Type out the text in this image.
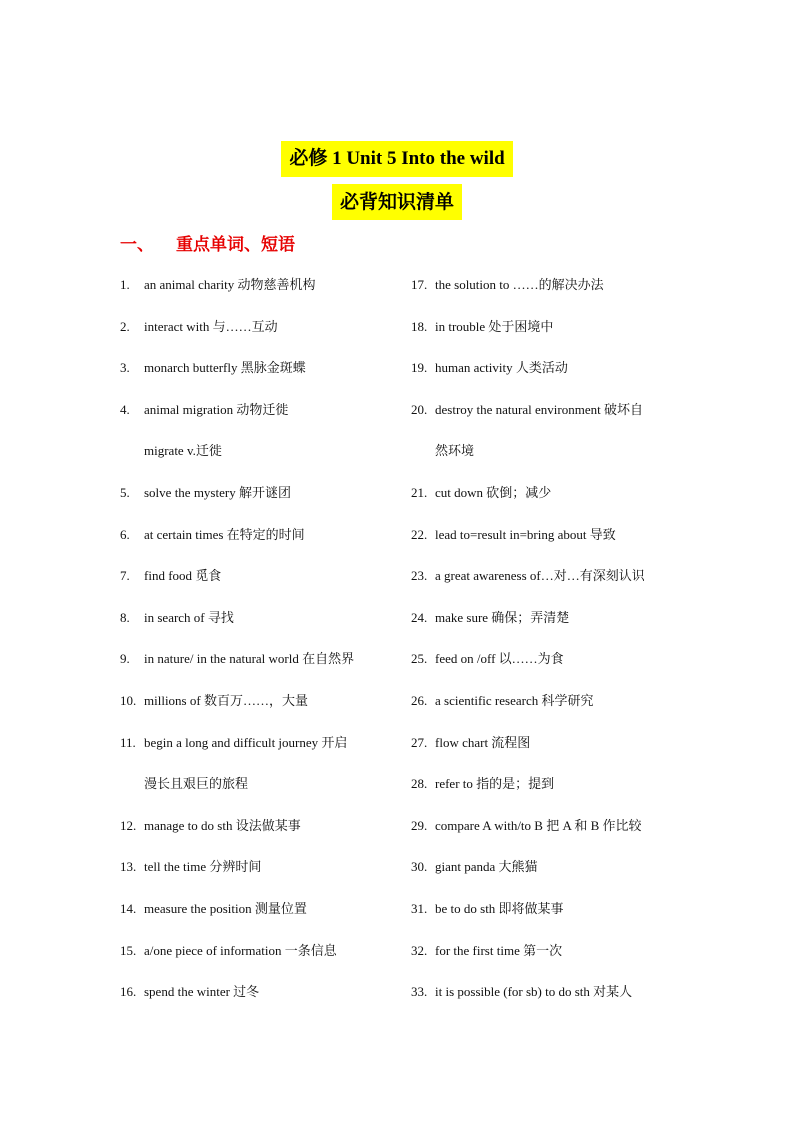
必修 1 Unit 5 Into the wild
必背知识清单
一、 重点单词、短语
1.	an animal charity 动物慈善机构
2.	interact with 与……互动
3.	monarch butterfly 黑脉金斑蝶
4.	animal migration 动物迁徙
migrate v.迁徙
5.	solve the mystery 解开谜团
6.	at certain times 在特定的时间
7.	find food 觅食
8.	in search of 寻找
9.	in nature/ in the natural world 在自然界
10. millions of 数百万……，大量
11. begin a long and difficult journey 开启
漫长且艰巨的旅程
12. manage to do sth 设法做某事
13. tell the time 分辨时间
14. measure the position 测量位置
15. a/one piece of information 一条信息
16. spend the winter 过冬
17. the solution to ……的解决办法
18. in trouble 处于困境中
19. human activity 人类活动
20. destroy the natural environment 破坏自
然环境
21. cut down 砍倒；减少
22. lead to=result in=bring about 导致
23. a great awareness of…对…有深刻认识
24. make sure 确保；弄清楚
25. feed on /off 以……为食
26. a scientific research 科学研究
27. flow chart 流程图
28. refer to 指的是；提到
29. compare A with/to B 把 A 和 B 作比较
30. giant panda 大熊猫
31. be to do sth 即将做某事
32. for the first time 第一次
33. it is possible (for sb) to do sth 对某人
